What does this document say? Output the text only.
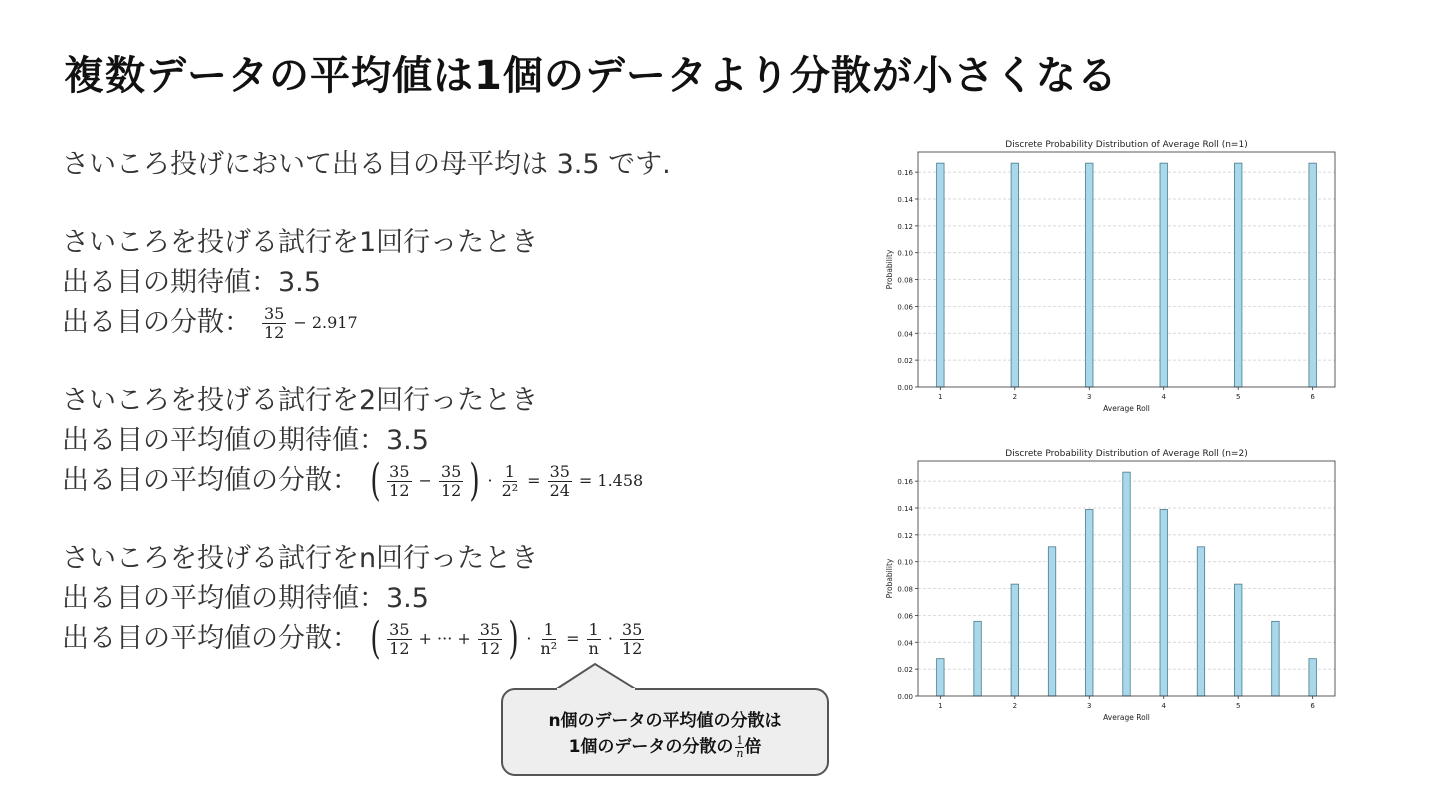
複数データの平均値は1個のデータより分散が小さくなる
さいころ投げにおいて出る目の母平均は 3.5 です.
さいころを投げる試行を1回行ったとき
出る目の期待値：3.5
出る目の分散： $\frac{35}{12} - 2.917$
さいころを投げる試行を2回行ったとき
出る目の平均値の期待値：3.5
出る目の平均値の分散： ( $\frac{35}{12} - \frac{35}{12}$ ) · $\frac{1}{\text{2²}} = \frac{35}{24} = 1.458$
さいころを投げる試行をn回行ったとき
出る目の平均値の期待値：3.5
出る目の平均値の分散： ( $\frac{35}{12}$ + ··· + $\frac{35}{12}$ ) · $\frac{1}{\text{n²}} = \frac{1}{n} \cdot \frac{35}{12}$
n個のデータの平均値の分散は
1個のデータの分散の $\frac{1}{n}$ 倍
Discrete Probability Distribution of Average Roll (n=1)
0.00
0.02
0.04
0.06
0.08
0.10
0.12
0.14
0.16
1	2	3	4	5	6
Average Roll
Probability
Discrete Probability Distribution of Average Roll (n=2)
0.00
0.02
0.04
0.06
0.08
0.10
0.12
0.14
0.16
1	2	3	4	5	6
Average Roll
Probability
